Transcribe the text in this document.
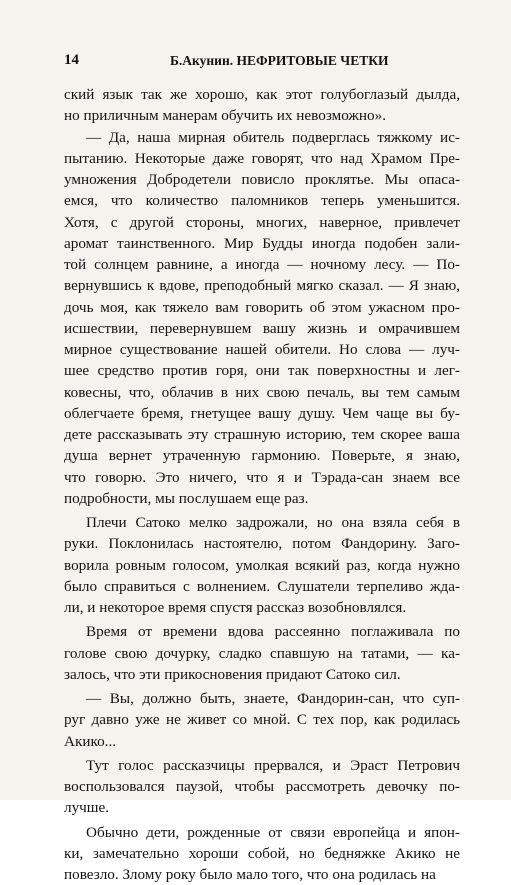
14	Б.Акунин. НЕФРИТОВЫЕ ЧЕТКИ
ский язык так же хорошо, как этот голубоглазый дылда,
но приличным манерам обучить их невозможно».
— Да, наша мирная обитель подверглась тяжкому ис-
пытанию. Некоторые даже говорят, что над Храмом Пре-
умножения Добродетели повисло проклятье. Мы опаса-
емся, что количество паломников теперь уменьшится.
Хотя, с другой стороны, многих, наверное, привлечет
аромат таинственного. Мир Будды иногда подобен зали-
той солнцем равнине, а иногда — ночному лесу. — По-
вернувшись к вдове, преподобный мягко сказал. — Я знаю,
дочь моя, как тяжело вам говорить об этом ужасном про-
исшествии, перевернувшем вашу жизнь и омрачившем
мирное существование нашей обители. Но слова — луч-
шее средство против горя, они так поверхностны и лег-
ковесны, что, облачив в них свою печаль, вы тем самым
облегчаете бремя, гнетущее вашу душу. Чем чаще вы бу-
дете рассказывать эту страшную историю, тем скорее ваша
душа вернет утраченную гармонию. Поверьте, я знаю,
что говорю. Это ничего, что я и Тэрада-сан знаем все
подробности, мы послушаем еще раз.
Плечи Сатоко мелко задрожали, но она взяла себя в
руки. Поклонилась настоятелю, потом Фандорину. Заго-
ворила ровным голосом, умолкая всякий раз, когда нужно
было справиться с волнением. Слушатели терпеливо жда-
ли, и некоторое время спустя рассказ возобновлялся.
Время от времени вдова рассеянно поглаживала по
голове свою дочурку, сладко спавшую на татами, — ка-
залось, что эти прикосновения придают Сатоко сил.
— Вы, должно быть, знаете, Фандорин-сан, что суп-
руг давно уже не живет со мной. С тех пор, как родилась
Акико...
Тут голос рассказчицы прервался, и Эраст Петрович
воспользовался паузой, чтобы рассмотреть девочку по-
лучше.
Обычно дети, рожденные от связи европейца и япон-
ки, замечательно хороши собой, но бедняжке Акико не
повезло. Злому року было мало того, что она родилась на
